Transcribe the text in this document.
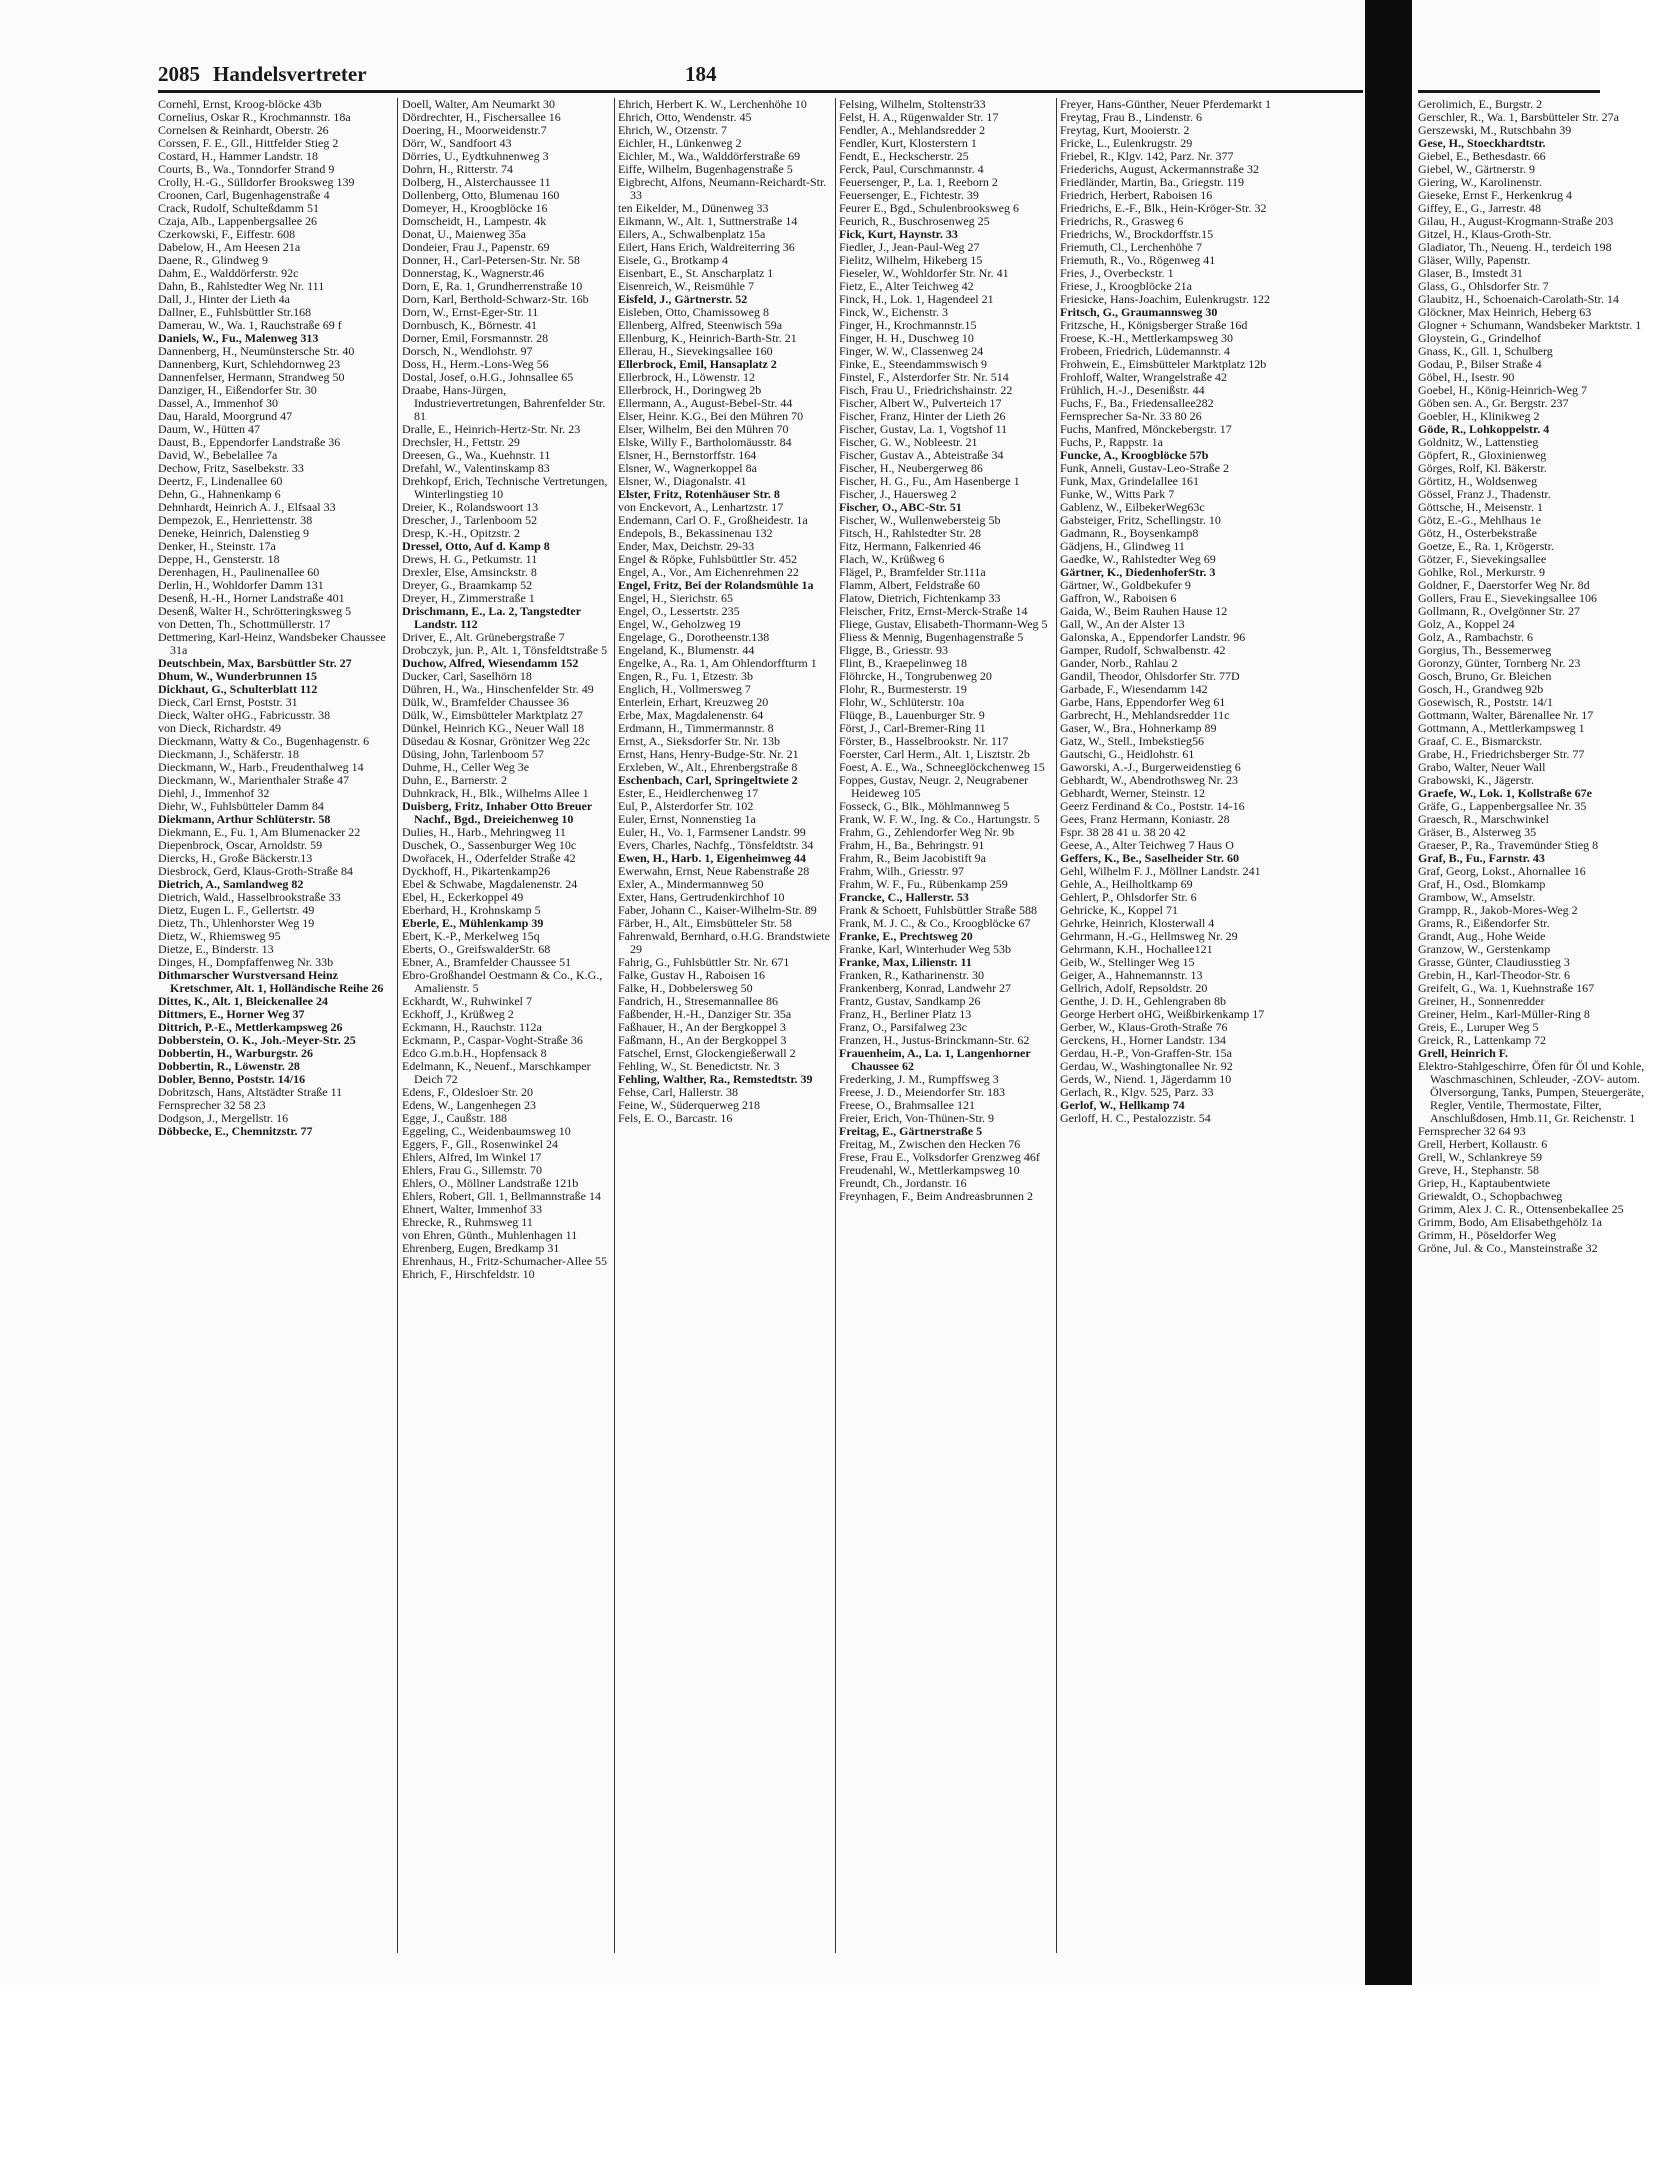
2085 Handelsvertreter	184
Cornehl, Ernst, Kroog-blöcke 43b
Cornelius, Oskar R., Krochmannstr. 18a
Cornelsen & Reinhardt, Oberstr. 26
Corssen, F. E., Gll., Hittfelder Stieg 2
Costard, H., Hammer Landstr. 18
Courts, B., Wa., Tonndorfer Strand 9
Crolly, H.-G., Sülldorfer Brooksweg 139
Croonen, Carl, Bugenhagenstraße 4
Crack, Rudolf, Schulteßdamm 51
Czaja, Alb., Lappenbergsallee 26
Czerkowski, F., Eiffestr. 608
Dabelow, H., Am Heesen 21a
Daene, R., Glindweg 9
Dahm, E., Walddörferstr. 92c
Dahn, B., Rahlstedter Weg Nr. 111
Dall, J., Hinter der Lieth 4a
Dallner, E., Fuhlsbüttler Str.168
Damerau, W., Wa. 1, Rauchstraße 69 f
Daniels, W., Fu., Malenweg 313
Dannenberg, H., Neumünstersche Str. 40
Dannenberg, Kurt, Schlehdornweg 23
Dannenfelser, Hermann, Strandweg 50
Danziger, H., Eißendorfer Str. 30
Dassel, A., Immenhof 30
Dau, Harald, Moorgrund 47
Daum, W., Hütten 47
Daust, B., Eppendorfer Landstraße 36
David, W., Bebelallee 7a
Dechow, Fritz, Saselbekstr. 33
Deertz, F., Lindenallee 60
Dehn, G., Hahnenkamp 6
Dehnhardt, Heinrich A. J., Elfsaal 33
Dempezok, E., Henriettenstr. 38
Deneke, Heinrich, Dalenstieg 9
Denker, H., Steinstr. 17a
Deppe, H., Gensterstr. 18
Derenhagen, H., Paulinenallee 60
Derlin, H., Wohldorfer Damm 131
Desenß, H.-H., Horner Landstraße 401
Desenß, Walter H., Schrötteringksweg 5
von Detten, Th., Schottmüllerstr. 17
Dettmering, Karl-Heinz, Wandsbeker Chaussee 31a
Deutschbein, Max, Barsbüttler Str. 27
Dhum, W., Wunderbrunnen 15
Dickhaut, G., Schulterblatt 112
Dieck, Carl Ernst, Poststr. 31
Dieck, Walter oHG., Fabricusstr. 38
von Dieck, Richardstr. 49
Dieckmann, Watty & Co., Bugenhagenstr. 6
Dieckmann, J., Schäferstr. 18
Dieckmann, W., Harb., Freudenthalweg 14
Dieckmann, W., Marienthaler Straße 47
Diehl, J., Immenhof 32
Diehr, W., Fuhlsbütteler Damm 84
Diekmann, Arthur Schlüterstr. 58
Diekmann, E., Fu. 1, Am Blumenacker 22
Diepenbrock, Oscar, Arnoldstr. 59
Diercks, H., Große Bäckerstr.13
Diesbrock, Gerd, Klaus-Groth-Straße 84
Dietrich, A., Samlandweg 82
Dietrich, Wald., Hasselbrookstraße 33
Dietz, Eugen L. F., Gellertstr. 49
Dietz, Th., Uhlenhorster Weg 19
Dietz, W., Rhiemsweg 95
Dietze, E., Binderstr. 13
Dinges, H., Dompfaffenweg Nr. 33b
Dithmarscher Wurstversand Heinz Kretschmer, Alt. 1, Holländische Reihe 26
Dittes, K., Alt. 1, Bleickenallee 24
Dittmers, E., Horner Weg 37
Dittrich, P.-E., Mettlerkampsweg 26
Dobberstein, O. K., Joh.-Meyer-Str. 25
Dobbertin, H., Warburgstr. 26
Dobbertin, R., Löwenstr. 28
Dobler, Benno, Poststr. 14/16
Dobritzsch, Hans, Altstädter Straße 11
Fernsprecher 32 58 23
Dodgson, J., Mergellstr. 16
Döbbecke, E., Chemnitzstr. 77
Doell, Walter, Am Neumarkt 30
Dördrechter, H., Fischersallee 16
Doering, H., Moorweidenstr.7
Dörr, W., Sandfoort 43
Dörries, U., Eydtkuhnenweg 3
Dohrn, H., Ritterstr. 74
Dolberg, H., Alsterchaussee 11
Dollenberg, Otto, Blumenau 160
Domeyer, H., Kroogblöcke 16
Domscheidt, H., Lampestr. 4k
Donat, U., Maienweg 35a
Dondeier, Frau J., Papenstr. 69
Donner, H., Carl-Petersen-Str. Nr. 58
Donnerstag, K., Wagnerstr.46
Dorn, E, Ra. 1, Grundherrenstraße 10
Dorn, Karl, Berthold-Schwarz-Str. 16b
Dorn, W., Ernst-Eger-Str. 11
Dornbusch, K., Börnestr. 41
Dorner, Emil, Forsmannstr. 28
Dorsch, N., Wendlohstr. 97
Doss, H., Herm.-Lons-Weg 56
Dostal, Josef, o.H.G., Johnsallee 65
Draabe, Hans-Jürgen, Industrievertretungen, Bahrenfelder Str. 81
Dralle, E., Heinrich-Hertz-Str. Nr. 23
Drechsler, H., Fettstr. 29
Dreesen, G., Wa., Kuehnstr. 11
Drefahl, W., Valentinskamp 83
Drehkopf, Erich, Technische Vertretungen, Winterlingstieg 10
Dreier, K., Rolandswoort 13
Drescher, J., Tarlenboom 52
Dresp, K.-H., Opitzstr. 2
Dressel, Otto, Auf d. Kamp 8
Drews, H. G., Petkumstr. 11
Drexler, Else, Amsinckstr. 8
Dreyer, G., Braamkamp 52
Dreyer, H., Zimmerstraße 1
Drischmann, E., La. 2, Tangstedter Landstr. 112
Driver, E., Alt. Grünebergstraße 7
Drobczyk, jun. P., Alt. 1, Tönsfeldtstraße 5
Duchow, Alfred, Wiesendamm 152
Ducker, Carl, Saselhörn 18
Dühren, H., Wa., Hinschenfelder Str. 49
Dülk, W., Bramfelder Chaussee 36
Dülk, W., Eimsbütteler Marktplatz 27
Dünkel, Heinrich KG., Neuer Wall 18
Düsedau & Kosnar, Grönitzer Weg 22c
Düsing, John, Tarlenboom 57
Duhme, H., Celler Weg 3e
Duhn, E., Barnerstr. 2
Duhnkrack, H., Blk., Wilhelms Allee 1
Duisberg, Fritz, Inhaber Otto Breuer Nachf., Bgd., Dreieichenweg 10
Dulies, H., Harb., Mehringweg 11
Duschek, O., Sassenburger Weg 10c
Dwořacek, H., Oderfelder Straße 42
Dyckhoff, H., Pikartenkamp26
Ebel & Schwabe, Magdalenenstr. 24
Ebel, H., Eckerkoppel 49
Eberhard, H., Krohnskamp 5
Eberle, E., Mühlenkamp 39
Ebert, K.-P., Merkelweg 15q
Eberts, O., GreifswalderStr. 68
Ebner, A., Bramfelder Chaussee 51
Ebro-Großhandel Oestmann & Co., K.G., Amalienstr. 5
Eckhardt, W., Ruhwinkel 7
Eckhoff, J., Krüßweg 2
Eckmann, H., Rauchstr. 112a
Eckmann, P., Caspar-Voght-Straße 36
Edco G.m.b.H., Hopfensack 8
Edelmann, K., Neuenf., Marschkamper Deich 72
Edens, F., Oldesloer Str. 20
Edens, W., Langenhegen 23
Egge, J., Caußstr. 188
Eggeling, C., Weidenbaumsweg 10
Eggers, F., Gll., Rosenwinkel 24
Ehlers, Alfred, Im Winkel 17
Ehlers, Frau G., Sillemstr. 70
Ehlers, O., Möllner Landstraße 121b
Ehlers, Robert, Gll. 1, Bellmannstraße 14
Ehnert, Walter, Immenhof 33
Ehrecke, R., Ruhmsweg 11
von Ehren, Günth., Muhlenhagen 11
Ehrenberg, Eugen, Bredkamp 31
Ehrenhaus, H., Fritz-Schumacher-Allee 55
Ehrich, F., Hirschfeldstr. 10
Ehrich, Herbert K. W., Lerchenhöhe 10
Ehrich, Otto, Wendenstr. 45
Ehrich, W., Otzenstr. 7
Eichler, H., Lünkenweg 2
Eichler, M., Wa., Walddörferstraße 69
Eiffe, Wilhelm, Bugenhagenstraße 5
Eigbrecht, Alfons, Neumann-Reichardt-Str. 33
ten Eikelder, M., Dünenweg 33
Eikmann, W., Alt. 1, Suttnerstraße 14
Eilers, A., Schwalbenplatz 15a
Eilert, Hans Erich, Waldreiterring 36
Eisele, G., Brotkamp 4
Eisenbart, E., St. Anscharplatz 1
Eisenreich, W., Reismühle 7
Eisfeld, J., Gärtnerstr. 52
Eisleben, Otto, Chamissoweg 8
Ellenberg, Alfred, Steenwisch 59a
Ellenburg, K., Heinrich-Barth-Str. 21
Ellerau, H., Sievekingsallee 160
Ellerbrock, Emil, Hansaplatz 2
Ellerbrock, H., Löwenstr. 12
Ellerbrock, H., Doringweg 2b
Ellermann, A., August-Bebel-Str. 44
Elser, Heinr. K.G., Bei den Mühren 70
Elser, Wilhelm, Bei den Mühren 70
Elske, Willy F., Bartholomäusstr. 84
Elsner, H., Bernstorffstr. 164
Elsner, W., Wagnerkoppel 8a
Elsner, W., Diagonalstr. 41
Elster, Fritz, Rotenhäuser Str. 8
von Enckevort, A., Lenhartzstr. 17
Endemann, Carl O. F., Großheidestr. 1a
Endepols, B., Bekassinenau 132
Ender, Max, Deichstr. 29-33
Engel & Röpke, Fuhlsbüttler Str. 452
Engel, A., Vor., Am Eichenrehmen 22
Engel, Fritz, Bei der Rolandsmühle 1a
Engel, H., Sierichstr. 65
Engel, O., Lessertstr. 235
Engel, W., Geholzweg 19
Engelage, G., Dorotheenstr.138
Engeland, K., Blumenstr. 44
Engelke, A., Ra. 1, Am Ohlendorffturm 1
Engen, R., Fu. 1, Etzestr. 3b
Englich, H., Vollmersweg 7
Enterlein, Erhart, Kreuzweg 20
Erbe, Max, Magdalenenstr. 64
Erdmann, H., Timmermannstr. 8
Ernst, A., Sieksdorfer Str. Nr. 13b
Ernst, Hans, Henry-Budge-Str. Nr. 21
Erxleben, W., Alt., Ehrenbergstraße 8
Eschenbach, Carl, Springeltwiete 2
Ester, E., Heidlerchenweg 17
Eul, P., Alsterdorfer Str. 102
Euler, Ernst, Nonnenstieg 1a
Euler, H., Vo. 1, Farmsener Landstr. 99
Evers, Charles, Nachfg., Tönsfeldtstr. 34
Ewen, H., Harb. 1, Eigenheimweg 44
Ewerwahn, Ernst, Neue Rabenstraße 28
Exler, A., Mindermannweg 50
Exter, Hans, Gertrudenkirchhof 10
Faber, Johann C., Kaiser-Wilhelm-Str. 89
Färber, H., Alt., Eimsbütteler Str. 58
Fahrenwald, Bernhard, o.H.G. Brandstwiete 29
Fahrig, G., Fuhlsbüttler Str. Nr. 671
Falke, Gustav H., Raboisen 16
Falke, H., Dobbelersweg 50
Fandrich, H., Stresemannallee 86
Faßbender, H.-H., Danziger Str. 35a
Faßhauer, H., An der Bergkoppel 3
Faßmann, H., An der Bergkoppel 3
Fatschel, Ernst, Glockengießerwall 2
Fehling, W., St. Benedictstr. Nr. 3
Fehling, Walther, Ra., Remstedtstr. 39
Fehse, Carl, Hallerstr. 38
Feine, W., Süderquerweg 218
Fels, E. O., Barcastr. 16
Felsing, Wilhelm, Stoltenstr33
Felst, H. A., Rügenwalder Str. 17
Fendler, A., Mehlandsredder 2
Fendler, Kurt, Klosterstern 1
Fendt, E., Heckscherstr. 25
Ferck, Paul, Curschmannstr. 4
Feuersenger, P., La. 1, Reeborn 2
Feuersenger, E., Fichtestr. 39
Feurer E., Bgd., Schulenbrooksweg 6
Feurich, R., Buschrosenweg 25
Fick, Kurt, Haynstr. 33
Fiedler, J., Jean-Paul-Weg 27
Fielitz, Wilhelm, Hikeberg 15
Fieseler, W., Wohldorfer Str. Nr. 41
Fietz, E., Alter Teichweg 42
Finck, H., Lok. 1, Hagendeel 21
Finck, W., Eichenstr. 3
Finger, H., Krochmannstr.15
Finger, H. H., Duschweg 10
Finger, W. W., Classenweg 24
Finke, E., Steendammswisch 9
Finstel, F., Alsterdorfer Str. Nr. 514
Fisch, Frau U., Friedrichshainstr. 22
Fischer, Albert W., Pulverteich 17
Fischer, Franz, Hinter der Lieth 26
Fischer, Gustav, La. 1, Vogtshof 11
Fischer, G. W., Nobleestr. 21
Fischer, Gustav A., Abteistraße 34
Fischer, H., Neubergerweg 86
Fischer, H. G., Fu., Am Hasenberge 1
Fischer, J., Hauersweg 2
Fischer, O., ABC-Str. 51
Fischer, W., Wullenwebersteig 5b
Fitsch, H., Rahlstedter Str. 28
Fitz, Hermann, Falkenried 46
Flach, W., Krüßweg 6
Flägel, P., Bramfelder Str.111a
Flamm, Albert, Feldstraße 60
Flatow, Dietrich, Fichtenkamp 33
Fleischer, Fritz, Ernst-Merck-Straße 14
Fliege, Gustav, Elisabeth-Thormann-Weg 5
Fliess & Mennig, Bugenhagenstraße 5
Fligge, B., Griesstr. 93
Flint, B., Kraepelinweg 18
Flöhrcke, H., Tongrubenweg 20
Flohr, R., Burmesterstr. 19
Flohr, W., Schlüterstr. 10a
Flüqge, B., Lauenburger Str. 9
Först, J., Carl-Bremer-Ring 11
Förster, B., Hasselbrookstr. Nr. 117
Foerster, Carl Herm., Alt. 1, Lisztstr. 2b
Foest, A. E., Wa., Schneeglöckchenweg 15
Foppes, Gustav, Neugr. 2, Neugrabener Heideweg 105
Fosseck, G., Blk., Möhlmannweg 5
Frank, W. F. W., Ing. & Co., Hartungstr. 5
Frahm, G., Zehlendorfer Weg Nr. 9b
Frahm, H., Ba., Behringstr. 91
Frahm, R., Beim Jacobistift 9a
Frahm, Wilh., Griesstr. 97
Frahm, W. F., Fu., Rübenkamp 259
Francke, C., Hallerstr. 53
Frank & Schoett, Fuhlsbüttler Straße 588
Frank, M. J. C., & Co., Kroogblöcke 67
Franke, E., Prechtsweg 20
Franke, Karl, Winterhuder Weg 53b
Franke, Max, Lilienstr. 11
Franken, R., Katharinenstr. 30
Frankenberg, Konrad, Landwehr 27
Frantz, Gustav, Sandkamp 26
Franz, H., Berliner Platz 13
Franz, O., Parsifalweg 23c
Franzen, H., Justus-Brinckmann-Str. 62
Frauenheim, A., La. 1, Langenhorner Chaussee 62
Frederking, J. M., Rumpffsweg 3
Freese, J. D., Meiendorfer Str. 183
Freese, O., Brahmsallee 121
Freier, Erich, Von-Thünen-Str. 9
Freitag, E., Gärtnerstraße 5
Freitag, M., Zwischen den Hecken 76
Frese, Frau E., Volksdorfer Grenzweg 46f
Freudenahl, W., Mettlerkampsweg 10
Freundt, Ch., Jordanstr. 16
Freynhagen, F., Beim Andreasbrunnen 2
Freyer, Hans-Günther, Neuer Pferdemarkt 1
Freytag, Frau B., Lindenstr. 6
Freytag, Kurt, Mooierstr. 2
Fricke, L., Eulenkrugstr. 29
Friebel, R., Klgv. 142, Parz. Nr. 377
Friederichs, August, Ackermannstraße 32
Friedländer, Martin, Ba., Griegstr. 119
Friedrich, Herbert, Raboisen 16
Friedrichs, E.-F., Blk., Hein-Kröger-Str. 32
Friedrichs, R., Grasweg 6
Friedrichs, W., Brockdorffstr.15
Friemuth, Cl., Lerchenhöhe 7
Friemuth, R., Vo., Rögenweg 41
Fries, J., Overbeckstr. 1
Friese, J., Kroogblöcke 21a
Friesicke, Hans-Joachim, Eulenkrugstr. 122
Fritsch, G., Graumannsweg 30
Fritzsche, H., Königsberger Straße 16d
Froese, K.-H., Mettlerkampsweg 30
Frobeen, Friedrich, Lüdemannstr. 4
Frohwein, E., Eimsbütteler Marktplatz 12b
Frohloff, Walter, Wrangelstraße 42
Frühlich, H.-J., Desenißstr. 44
Fuchs, F., Ba., Friedensallee282
Fernsprecher Sa-Nr. 33 80 26
Fuchs, Manfred, Mönckebergstr. 17
Fuchs, P., Rappstr. 1a
Funcke, A., Kroogblöcke 57b
Funk, Anneli, Gustav-Leo-Straße 2
Funk, Max, Grindelallee 161
Funke, W., Witts Park 7
Gablenz, W., EilbekerWeg63c
Gabsteiger, Fritz, Schellingstr. 10
Gadmann, R., Boysenkamp8
Gädjens, H., Glindweg 11
Gaedke, W., Rahlstedter Weg 69
Gärtner, K., DiedenhoferStr. 3
Gärtner, W., Goldbekufer 9
Gaffron, W., Raboisen 6
Gaida, W., Beim Rauhen Hause 12
Gall, W., An der Alster 13
Galonska, A., Eppendorfer Landstr. 96
Gamper, Rudolf, Schwalbenstr. 42
Gander, Norb., Rahlau 2
Gandil, Theodor, Ohlsdorfer Str. 77D
Garbade, F., Wiesendamm 142
Garbe, Hans, Eppendorfer Weg 61
Garbrecht, H., Mehlandsredder 11c
Gaser, W., Bra., Hohnerkamp 89
Gatz, W., Stell., Imbekstieg56
Gautschi, G., Heidlohstr. 61
Gaworski, A.-J., Burgerweidenstieg 6
Gebhardt, W., Abendrothsweg Nr. 23
Gebhardt, Werner, Steinstr. 12
Geerz Ferdinand & Co., Poststr. 14-16
Gees, Franz Hermann, Koniastr. 28
Fspr. 38 28 41 u. 38 20 42
Geese, A., Alter Teichweg 7 Haus O
Geffers, K., Be., Saselheider Str. 60
Gehl, Wilhelm F. J., Möllner Landstr. 241
Gehle, A., Heilholtkamp 69
Gehlert, P., Ohlsdorfer Str. 6
Gehricke, K., Koppel 71
Gehrke, Heinrich, Klosterwall 4
Gehrmann, H.-G., Hellmsweg Nr. 29
Gehrmann, K.H., Hochallee121
Geib, W., Stellinger Weg 15
Geiger, A., Hahnemannstr. 13
Gellrich, Adolf, Repsoldstr. 20
Genthe, J. D. H., Gehlengraben 8b
George Herbert oHG, Weißbirkenkamp 17
Gerber, W., Klaus-Groth-Straße 76
Gerckens, H., Horner Landstr. 134
Gerdau, H.-P., Von-Graffen-Str. 15a
Gerdau, W., Washingtonallee Nr. 92
Gerds, W., Niend. 1, Jägerdamm 10
Gerlach, R., Klgv. 525, Parz. 33
Gerlof, W., Hellkamp 74
Gerloff, H. C., Pestalozzistr. 54
Gerolimich, E., Burgstr. 2
Gerschler, R., Wa. 1, Barsbütteler Str. 27a
Gerszewski, M., Rutschbahn 39
Gese, H., Stoeckhardtstr.
Giebel, E., Bethesdastr. 66
Giebel, W., Gärtnerstr. 9
Giering, W., Karolinenstr.
Gieseke, Ernst F., Herkenkrug 4
Giffey, E., G., Jarrestr. 48
Gilau, H., August-Krogmann-Straße 203
Gitzel, H., Klaus-Groth-Str.
Gladiator, Th., Neueng. H., terdeich 198
Gläser, Willy, Papenstr.
Glaser, B., Imstedt 31
Glass, G., Ohlsdorfer Str. 7
Glaubitz, H., Schoenaich-Carolath-Str. 14
Glöckner, Max Heinrich, Heberg 63
Glogner + Schumann, Wandsbeker Marktstr. 1
Gloystein, G., Grindelhof
Gnass, K., Gll. 1, Schulberg
Godau, P., Bilser Straße 4
Göbel, H., Isestr. 90
Goebel, H., König-Heinrich-Weg 7
Göben sen. A., Gr. Bergstr. 237
Goebler, H., Klinikweg 2
Göde, R., Lohkoppelstr. 4
Goldnitz, W., Lattenstieg
Göpfert, R., Gloxinienweg
Görges, Rolf, Kl. Bäkerstr.
Görtitz, H., Woldsenweg
Gössel, Franz J., Thadenstr.
Göttsche, H., Meisenstr. 1
Götz, E.-G., Mehlhaus 1e
Götz, H., Osterbekstraße
Goetze, E., Ra. 1, Krögerstr.
Götzer, F., Sievekingsallee
Gohlke, Rol., Merkurstr. 9
Goldner, F., Daerstorfer Weg Nr. 8d
Gollers, Frau E., Sievekingsallee 106
Gollmann, R., Ovelgönner Str. 27
Golz, A., Koppel 24
Golz, A., Rambachstr. 6
Gorgius, Th., Bessemerweg
Goronzy, Günter, Tornberg Nr. 23
Gosch, Bruno, Gr. Bleichen
Gosch, H., Grandweg 92b
Gosewisch, R., Poststr. 14/1
Gottmann, Walter, Bärenallee Nr. 17
Gottmann, A., Mettlerkampsweg 1
Graaf, C. E., Bismarckstr.
Grabe, H., Friedrichsberger Str. 77
Grabo, Walter, Neuer Wall
Grabowski, K., Jägerstr.
Graefe, W., Lok. 1, Kollstraße 67e
Gräfe, G., Lappenbergsallee Nr. 35
Graesch, R., Marschwinkel
Gräser, B., Alsterweg 35
Graeser, P., Ra., Travemünder Stieg 8
Graf, B., Fu., Farnstr. 43
Graf, Georg, Lokst., Ahornallee 16
Graf, H., Osd., Blomkamp
Grambow, W., Amselstr.
Grampp, R., Jakob-Mores-Weg 2
Grams, R., Eißendorfer Str.
Grandt, Aug., Hohe Weide
Granzow, W., Gerstenkamp
Grasse, Günter, Claudiusstieg 3
Grebin, H., Karl-Theodor-Str. 6
Greifelt, G., Wa. 1, Kuehnstraße 167
Greiner, H., Sonnenredder
Greiner, Helm., Karl-Müller-Ring 8
Greis, E., Luruper Weg 5
Greick, R., Lattenkamp 72
Grell, Heinrich F.
Elektro-Stahlgeschirre, Öfen für Öl und Kohle, Waschmaschinen, Schleuder, -ZOV- autom. Ölversorgung, Tanks, Pumpen, Steuergeräte, Regler, Ventile, Thermostate, Filter, Anschlußdosen, Hmb.11, Gr. Reichenstr. 1
Fernsprecher 32 64 93
Grell, Herbert, Kollaustr. 6
Grell, W., Schlankreye 59
Greve, H., Stephanstr. 58
Griep, H., Kaptaubentwiete
Griewaldt, O., Schopbachweg
Grimm, Alex J. C. R., Ottensenbekallee 25
Grimm, Bodo, Am Elisabethgehölz 1a
Grimm, H., Pöseldorfer Weg
Gröne, Jul. & Co., Mansteinstraße 32
